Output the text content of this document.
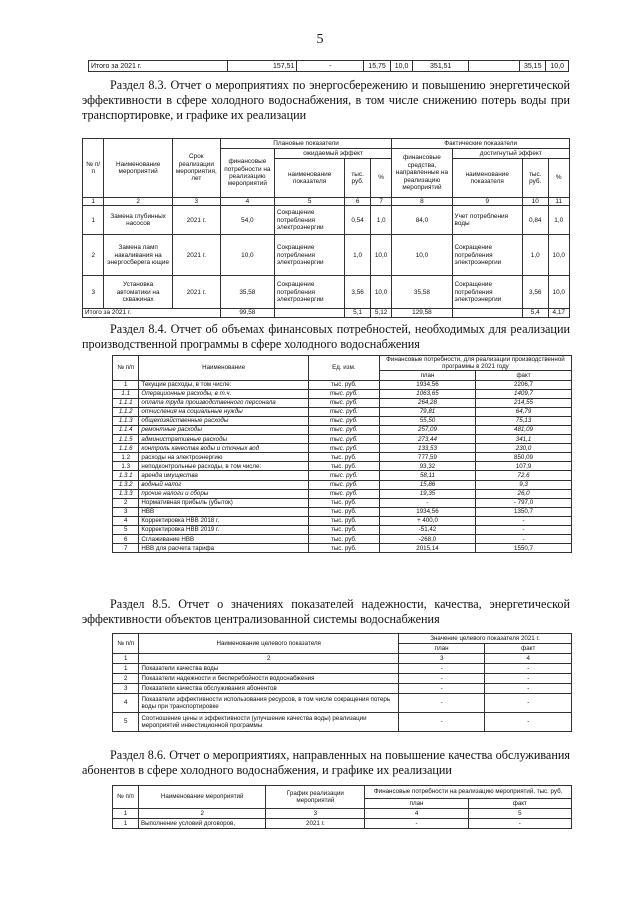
5
Итого за 2021 г.	157,51	-	15,75	10,0	351,51		35,15	10,0
Раздел 8.3. Отчет о мероприятиях по энергосбережению и повышению энергетической эффективности в сфере холодного водоснабжения, в том числе снижению потерь воды при транспортировке, и графике их реализации
№ п/ п	Наименование мероприятий	Срок реализации мероприятия, лет	Плановые показатели				Фактические показатели			
			финансовые потребности на реализацию мероприятий	ожидаемый эффект			финансовые средства, направленные на реализацию мероприятий	достигнутый эффект		
				наименование показателя	тыс. руб.	%		наименование показателя	тыс. руб.	%
1	2	3	4	5	6	7	8	9	10	11
1	Замена глубинных насосов	2021 г.	54,0	Сокращение потребления электроэнергии	0,54	1,0	84,0	Учет потребления воды	0,84	1,0
2	Замена ламп накаливания на энергосберега ющие	2021 г.	10,0	Сокращение потребления электроэнергии	1,0	10,0	10,0	Сокращение потребления электроэнергии	1,0	10,0
3	Установка автоматики на скважинах	2021 г.	35,58	Сокращение потребления электроэнергии	3,56	10,0	35,58	Сокращение потребления электроэнергии	3,56	10,0
Итого за 2021 г.			99,58		5,1	5,12	129,58		5,4	4,17
Раздел 8.4. Отчет об объемах финансовых потребностей, необходимых для реализации производственной программы в сфере холодного водоснабжения
№ п/п	Наименование	Ед. изм.	Финансовые потребности, для реализации производственной программы в 2021 году	
			план	факт
1	Текущие расходы, в том числе:	тыс. руб.	1934,56	2206,7
1.1	Операционные расходы, в т.ч.	тыс. руб.	1063,65	1409,7
1.1.1	оплата труда производственного персонала	тыс. руб.	264,28	214,55
1.1.2	отчисления на социальные нужды	тыс. руб.	79,81	64,79
1.1.3	общехозяйственные расходы	тыс. руб.	55,50	75,13
1.1.4	ремонтные расходы	тыс. руб.	257,09	481,09
1.1.5	административные расходы	тыс. руб.	273,44	341,1
1.1.6	контроль качества воды и сточных вод	тыс. руб.	133,53	230,0
1.2	расходы на электроэнергию	тыс. руб.	777,59	850,09
1.3	неподконтрольные расходы, в том числе:	тыс. руб.	93,32	107,9
1.3.1	аренда имущества	тыс. руб.	58,11	72,6
1.3.2	водный налог	тыс. руб.	15,86	9,3
1.3.3	прочие налоги и сборы	тыс. руб.	19,35	26,0
2	Нормативная прибыль (убыток)	тыс. руб.	-	- 797,0
3	НВВ	тыс. руб.	1934,56	1350,7
4	Корректировка НВВ 2018 г.	тыс. руб.	+ 400,0	-
5	Корректировка НВВ 2019 г.	тыс. руб.	-51,42	-
6	Сглаживание НВВ	тыс. руб.	-268,0	-
7	НВВ для расчета тарифа	тыс. руб.	2015,14	1550,7
Раздел 8.5. Отчет о значениях показателей надежности, качества, энергетической эффективности объектов централизованной системы водоснабжения
№ п/п	Наименование целевого показателя	Значение целевого показателя 2021 г.	
		план	факт
1	2	3	4
1	Показатели качества воды	-	-
2	Показатели надежности и бесперебойности водоснабжения	-	-
3	Показатели качества обслуживания абонентов	-	-
4	Показатели эффективности использования ресурсов, в том числе сокращения потерь воды при транспортировке	-	-
5	Соотношение цены и эффективности (улучшение качества воды) реализации мероприятий инвестиционной программы	-	-
Раздел 8.6. Отчет о мероприятиях, направленных на повышение качества обслуживания абонентов в сфере холодного водоснабжения, и графике их реализации
№ п/п	Наименование мероприятий	График реализации мероприятий	Финансовые потребности на реализацию мероприятий, тыс. руб.	
			план	факт
1	2	3	4	5
1	Выполнение условий договоров,	2021 г.	-	-
